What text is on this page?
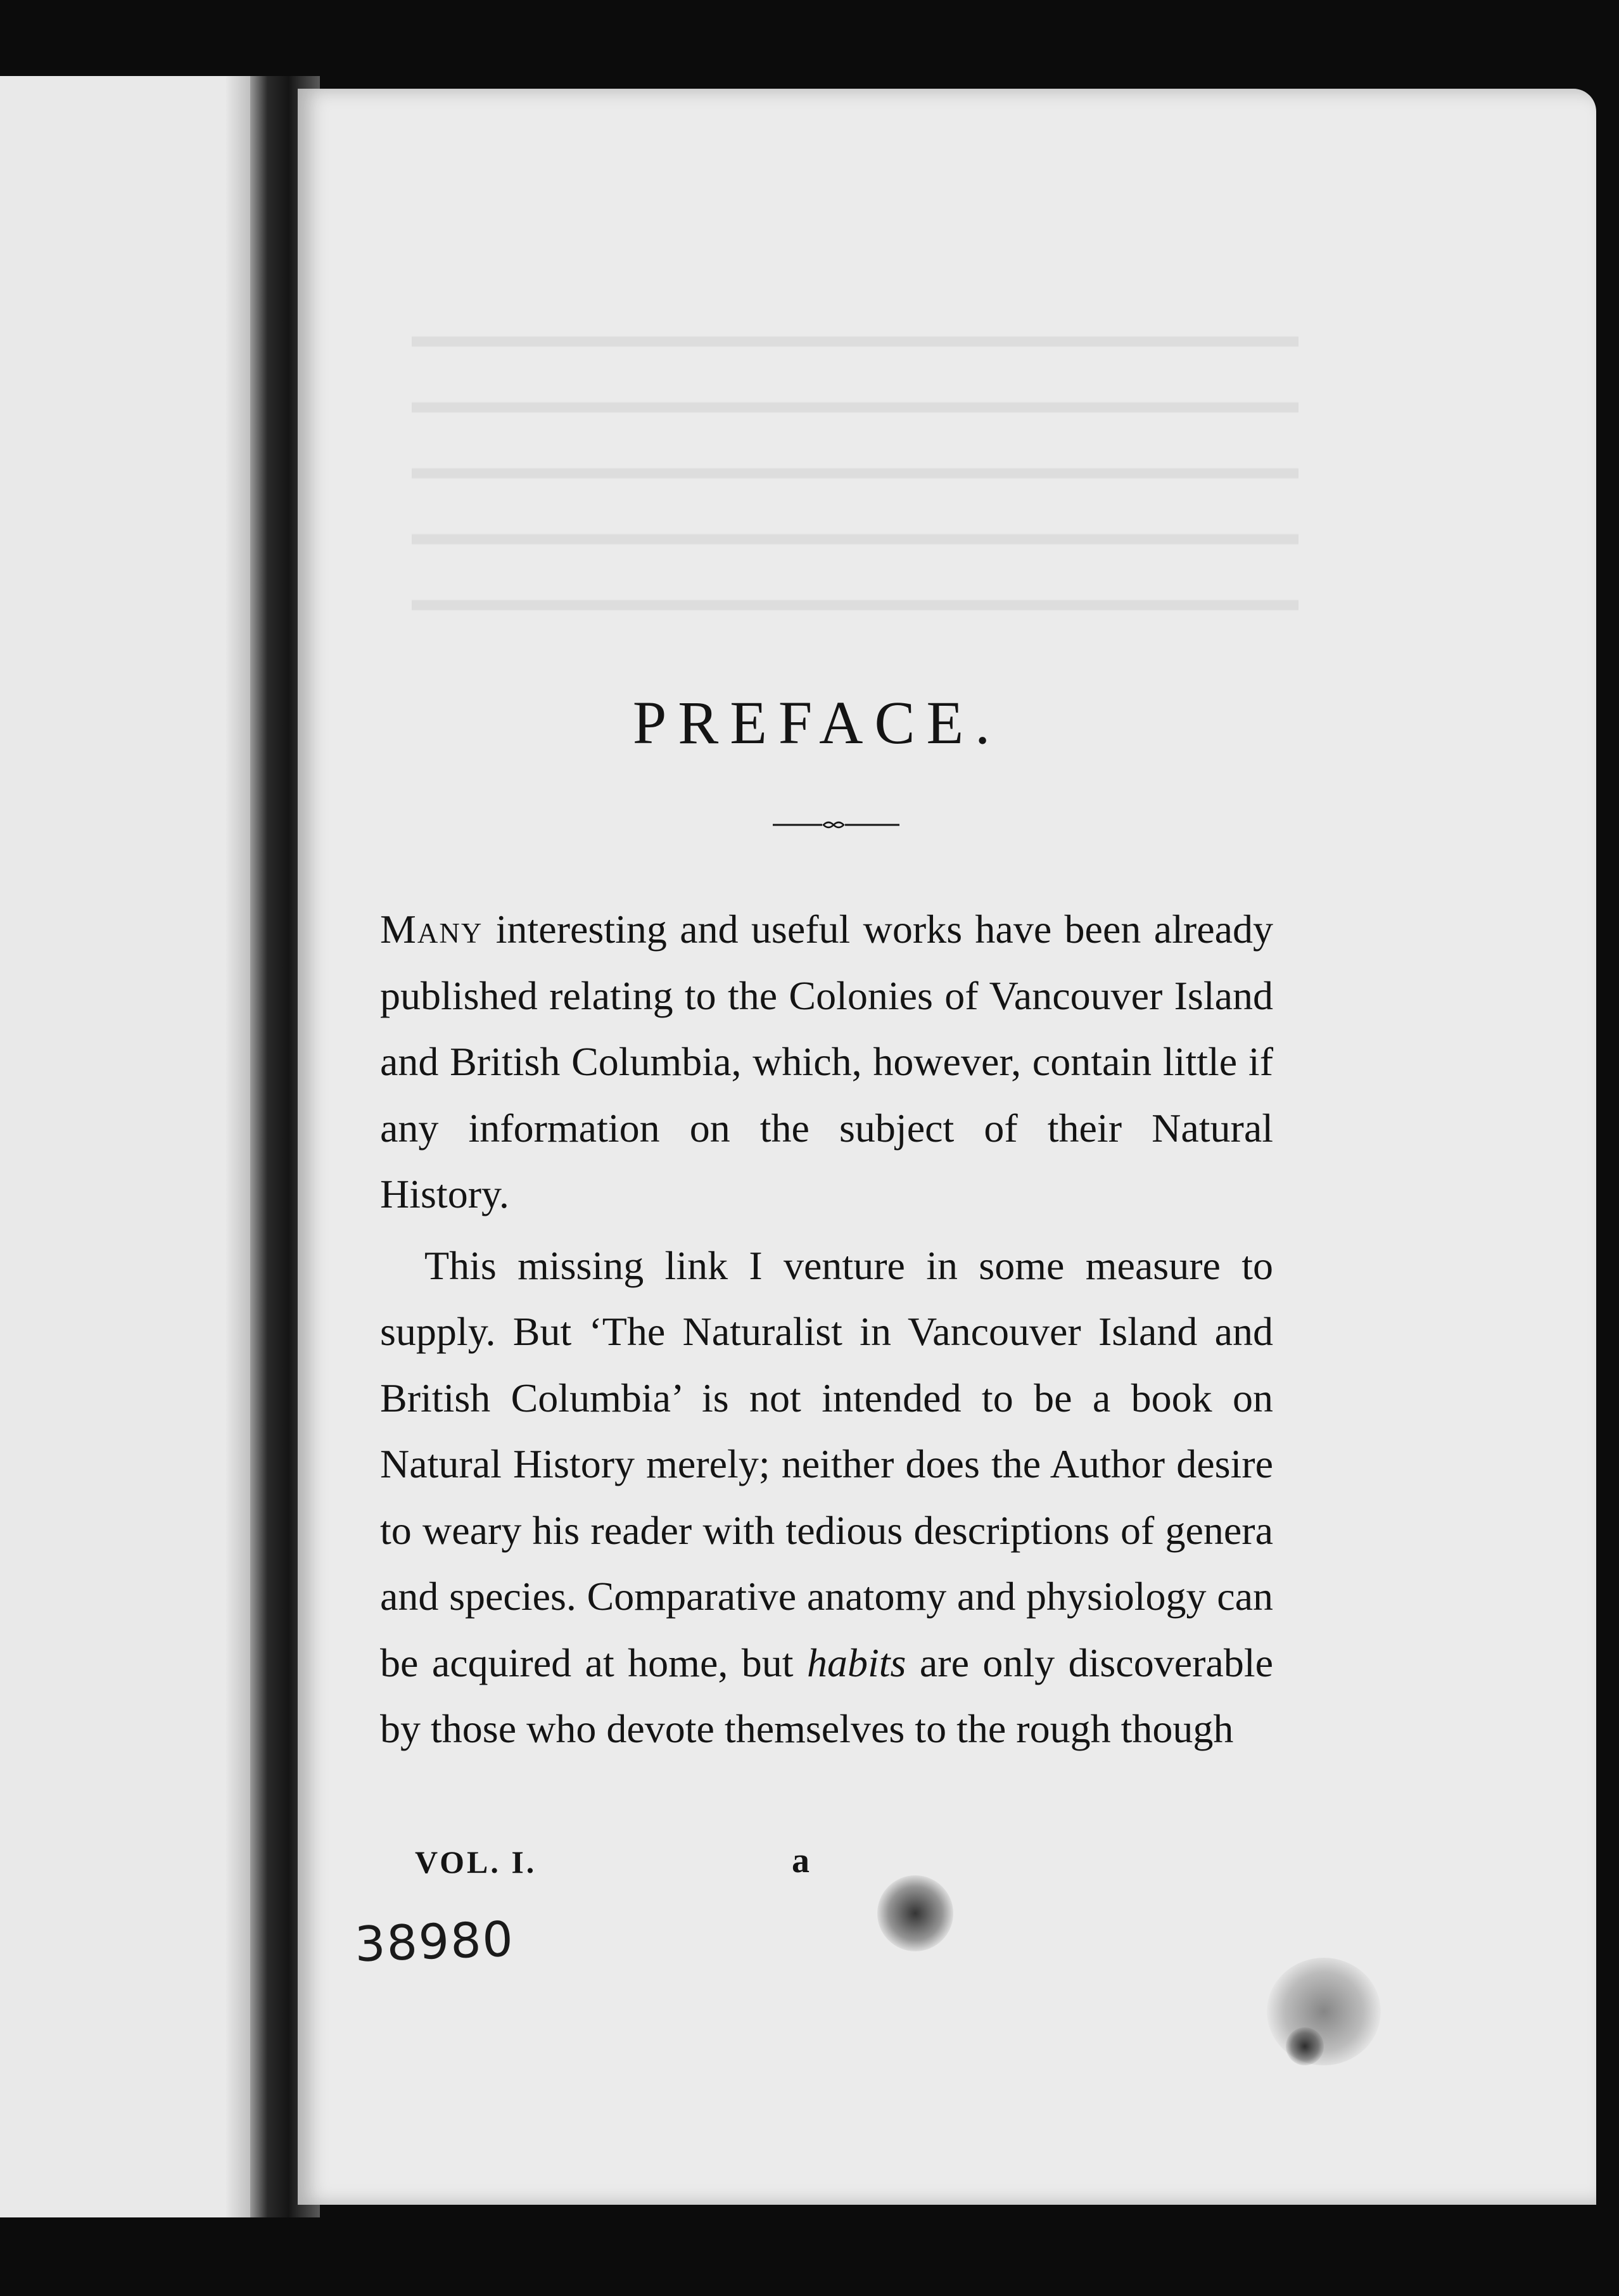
PREFACE.

Many interesting and useful works have been already published relating to the Colonies of Vancouver Island and British Columbia, which, however, contain little if any information on the subject of their Natural History.

This missing link I venture in some measure to supply. But ‘The Naturalist in Vancouver Island and British Columbia’ is not intended to be a book on Natural History merely; neither does the Author desire to weary his reader with tedious descriptions of genera and species. Comparative anatomy and physiology can be acquired at home, but habits are only discoverable by those who devote themselves to the rough though

VOL. I.	a
38980
